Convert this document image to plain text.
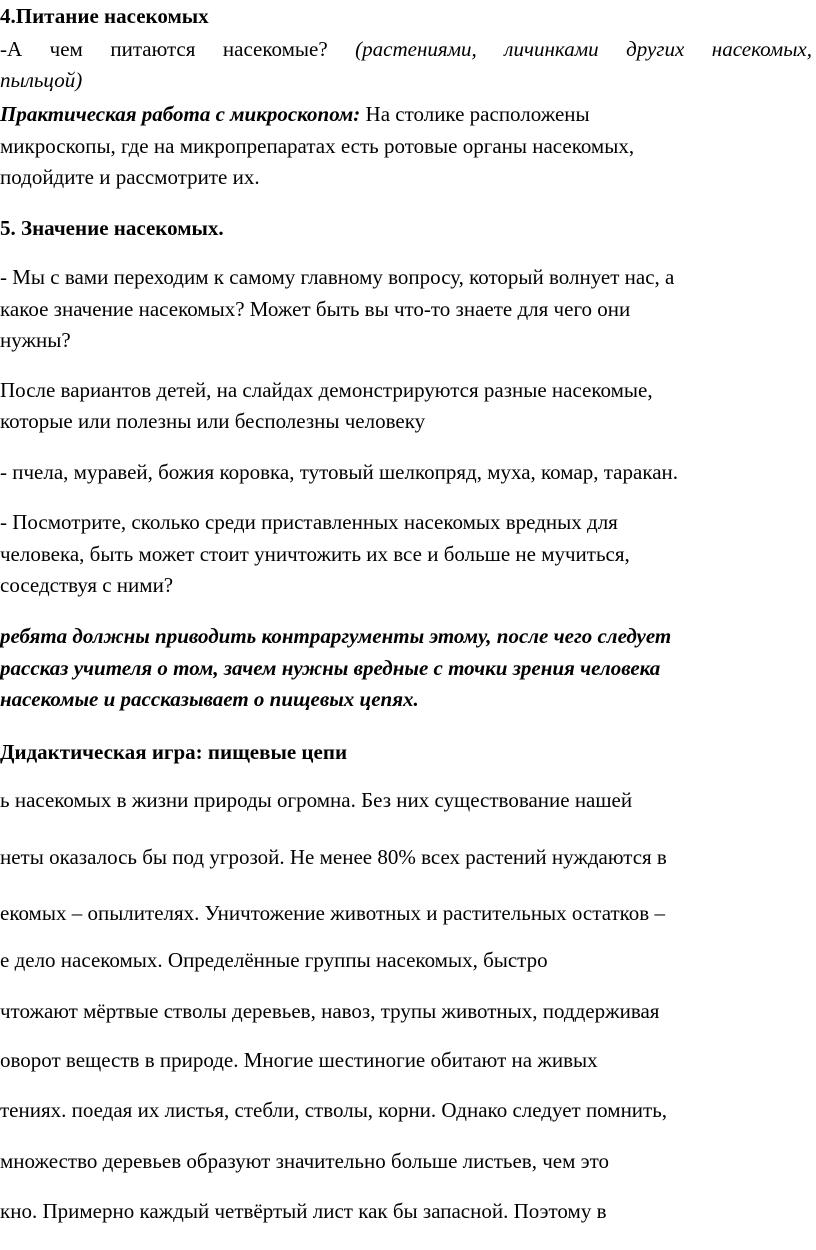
4.Питание насекомых
-А чем питаются насекомые? (растениями, личинками других насекомых,
пыльцой)
Практическая работа с микроскопом: На столике расположены
микроскопы, где на микропрепаратах есть ротовые органы насекомых,
подойдите и рассмотрите их.
5. Значение насекомых.
- Мы с вами переходим к самому главному вопросу, который волнует нас, а
какое значение насекомых? Может быть вы что-то знаете для чего они
нужны?
После вариантов детей, на слайдах демонстрируются разные насекомые,
которые или полезны или бесполезны человеку
- пчела, муравей, божия коровка, тутовый шелкопряд, муха, комар, таракан.
- Посмотрите, сколько среди приставленных насекомых вредных для
человека, быть может стоит уничтожить их все и больше не мучиться,
соседствуя с ними?
ребята должны приводить контраргументы этому, после чего следует
рассказ учителя о том, зачем нужны вредные с точки зрения человека
насекомые и рассказывает о пищевых цепях.
Дидактическая игра: пищевые цепи
ь насекомых в жизни природы огромна. Без них существование нашей
неты оказалось бы под угрозой. Не менее 80% всех растений нуждаются в
екомых – опылителях. Уничтожение животных и растительных остатков –
е дело насекомых. Определённые группы насекомых, быстро
чтожают мёртвые стволы деревьев, навоз, трупы животных, поддерживая
оворот веществ в природе. Многие шестиногие обитают на живых
тениях. поедая их листья, стебли, стволы, корни. Однако следует помнить,
множество деревьев образуют значительно больше листьев, чем это
кно. Примерно каждый четвёртый лист как бы запасной. Поэтому в
